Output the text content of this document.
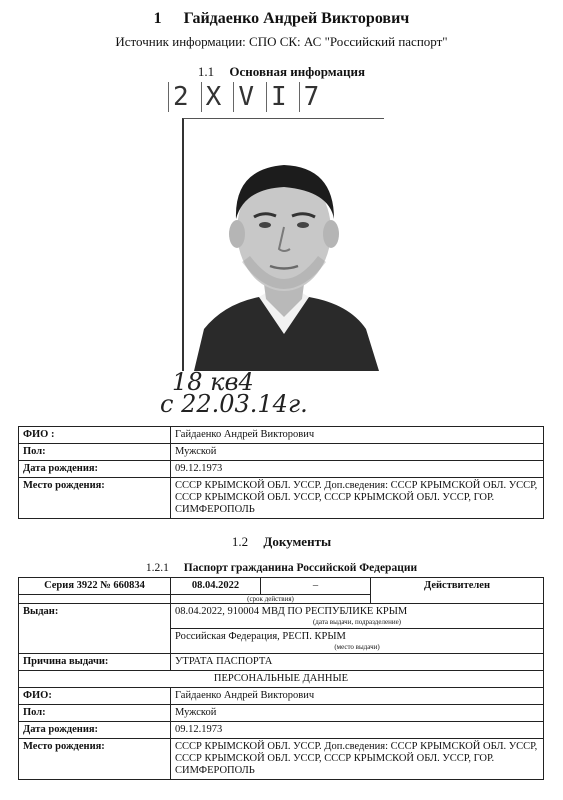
1 Гайдаенко Андрей Викторович
Источник информации: СПО СК: АС "Российский паспорт"
1.1 Основная информация
2 Х V I 7
18 кв4
с 22.03.14г.
ФИО :	Гайдаенко Андрей Викторович
Пол:	Мужской
Дата рождения:	09.12.1973
Место рождения:	СССР КРЫМСКОЙ ОБЛ. УССР. Доп.сведения: СССР КРЫМСКОЙ ОБЛ. УССР, СССР КРЫМСКОЙ ОБЛ. УССР, СССР КРЫМСКОЙ ОБЛ. УССР, ГОР. СИМФЕРОПОЛЬ
1.2 Документы
1.2.1 Паспорт гражданина Российской Федерации
Серия 3922 № 660834	08.04.2022	–	Действителен

	(срок действия)		

Выдан:	08.04.2022, 910004 МВД ПО РЕСПУБЛИКЕ КРЫМ
(дата выдачи, подразделение)		

	Российская Федерация, РЕСП. КРЫМ
(место выдачи)		

Причина выдачи:	УТРАТА ПАСПОРТА		
ПЕРСОНАЛЬНЫЕ ДАННЫЕ			
ФИО:	Гайдаенко Андрей Викторович		
Пол:	Мужской		
Дата рождения:	09.12.1973		
Место рождения:	СССР КРЫМСКОЙ ОБЛ. УССР. Доп.сведения: СССР КРЫМСКОЙ ОБЛ. УССР, СССР КРЫМСКОЙ ОБЛ. УССР, СССР КРЫМСКОЙ ОБЛ. УССР, ГОР. СИМФЕРОПОЛЬ		
